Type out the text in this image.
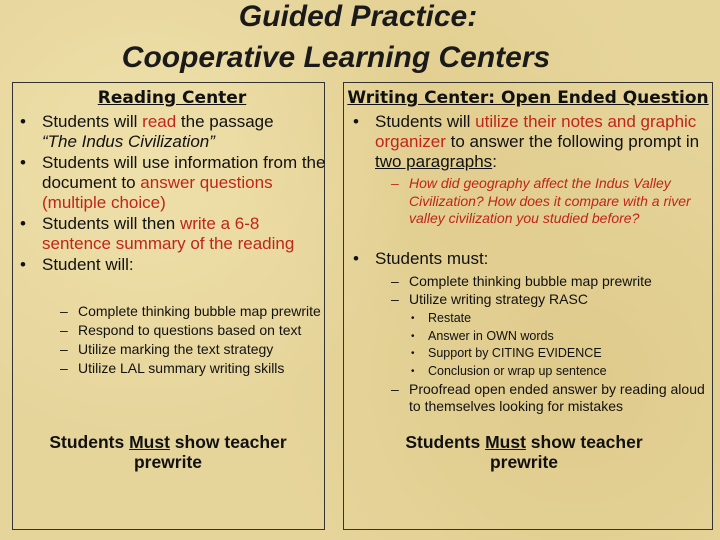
Guided Practice:
Cooperative Learning Centers
Reading Center
• Students will read the passage
“The Indus Civilization”
• Students will use information from the document to answer questions (multiple choice)
• Students will then write a 6-8 sentence summary of the reading
• Student will:
– Complete thinking bubble map prewrite
– Respond to questions based on text
– Utilize marking the text strategy
– Utilize LAL summary writing skills
Students Must show teacher prewrite
Writing Center: Open Ended Question
• Students will utilize their notes and graphic organizer to answer the following prompt in two paragraphs:
– How did geography affect the Indus Valley Civilization? How does it compare with a river valley civilization you studied before?
• Students must:
– Complete thinking bubble map prewrite
– Utilize writing strategy RASC
• Restate
• Answer in OWN words
• Support by CITING EVIDENCE
• Conclusion or wrap up sentence
– Proofread open ended answer by reading aloud to themselves looking for mistakes
Students Must show teacher prewrite
